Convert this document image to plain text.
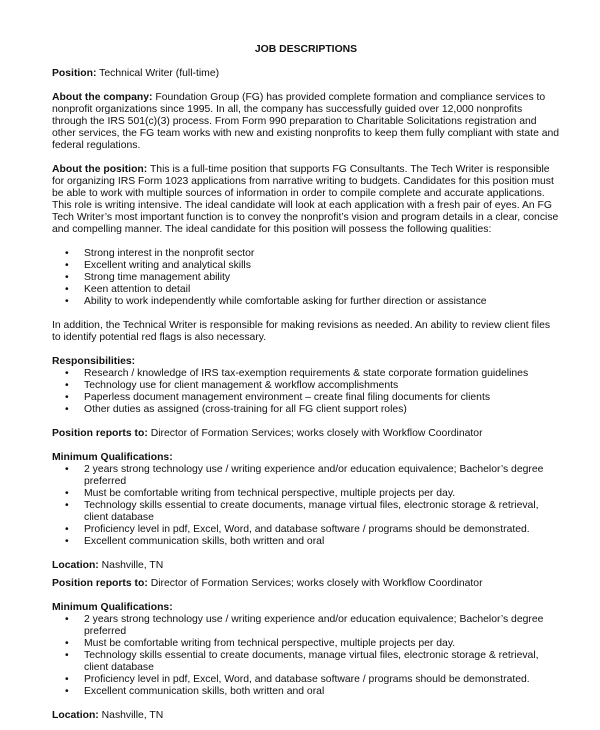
JOB DESCRIPTIONS

Position: Technical Writer (full-time)

About the company: Foundation Group (FG) has provided complete formation and compliance services to nonprofit organizations since 1995. In all, the company has successfully guided over 12,000 nonprofits through the IRS 501(c)(3) process. From Form 990 preparation to Charitable Solicitations registration and other services, the FG team works with new and existing nonprofits to keep them fully compliant with state and federal regulations.

About the position: This is a full-time position that supports FG Consultants. The Tech Writer is responsible for organizing IRS Form 1023 applications from narrative writing to budgets. Candidates for this position must be able to work with multiple sources of information in order to compile complete and accurate applications. This role is writing intensive. The ideal candidate will look at each application with a fresh pair of eyes. An FG Tech Writer’s most important function is to convey the nonprofit’s vision and program details in a clear, concise and compelling manner. The ideal candidate for this position will possess the following qualities:

• Strong interest in the nonprofit sector
• Excellent writing and analytical skills
• Strong time management ability
• Keen attention to detail
• Ability to work independently while comfortable asking for further direction or assistance

In addition, the Technical Writer is responsible for making revisions as needed. An ability to review client files to identify potential red flags is also necessary.

Responsibilities:

• Research / knowledge of IRS tax-exemption requirements & state corporate formation guidelines
• Technology use for client management & workflow accomplishments
• Paperless document management environment – create final filing documents for clients
• Other duties as assigned (cross-training for all FG client support roles)

Position reports to: Director of Formation Services; works closely with Workflow Coordinator

Minimum Qualifications:

• 2 years strong technology use / writing experience and/or education equivalence; Bachelor’s degree preferred
• Must be comfortable writing from technical perspective, multiple projects per day.
• Technology skills essential to create documents, manage virtual files, electronic storage & retrieval, client database
• Proficiency level in pdf, Excel, Word, and database software / programs should be demonstrated.
• Excellent communication skills, both written and oral

Location: Nashville, TN

Position reports to: Director of Formation Services; works closely with Workflow Coordinator

Minimum Qualifications:

• 2 years strong technology use / writing experience and/or education equivalence; Bachelor’s degree preferred
• Must be comfortable writing from technical perspective, multiple projects per day.
• Technology skills essential to create documents, manage virtual files, electronic storage & retrieval, client database
• Proficiency level in pdf, Excel, Word, and database software / programs should be demonstrated.
• Excellent communication skills, both written and oral

Location: Nashville, TN
